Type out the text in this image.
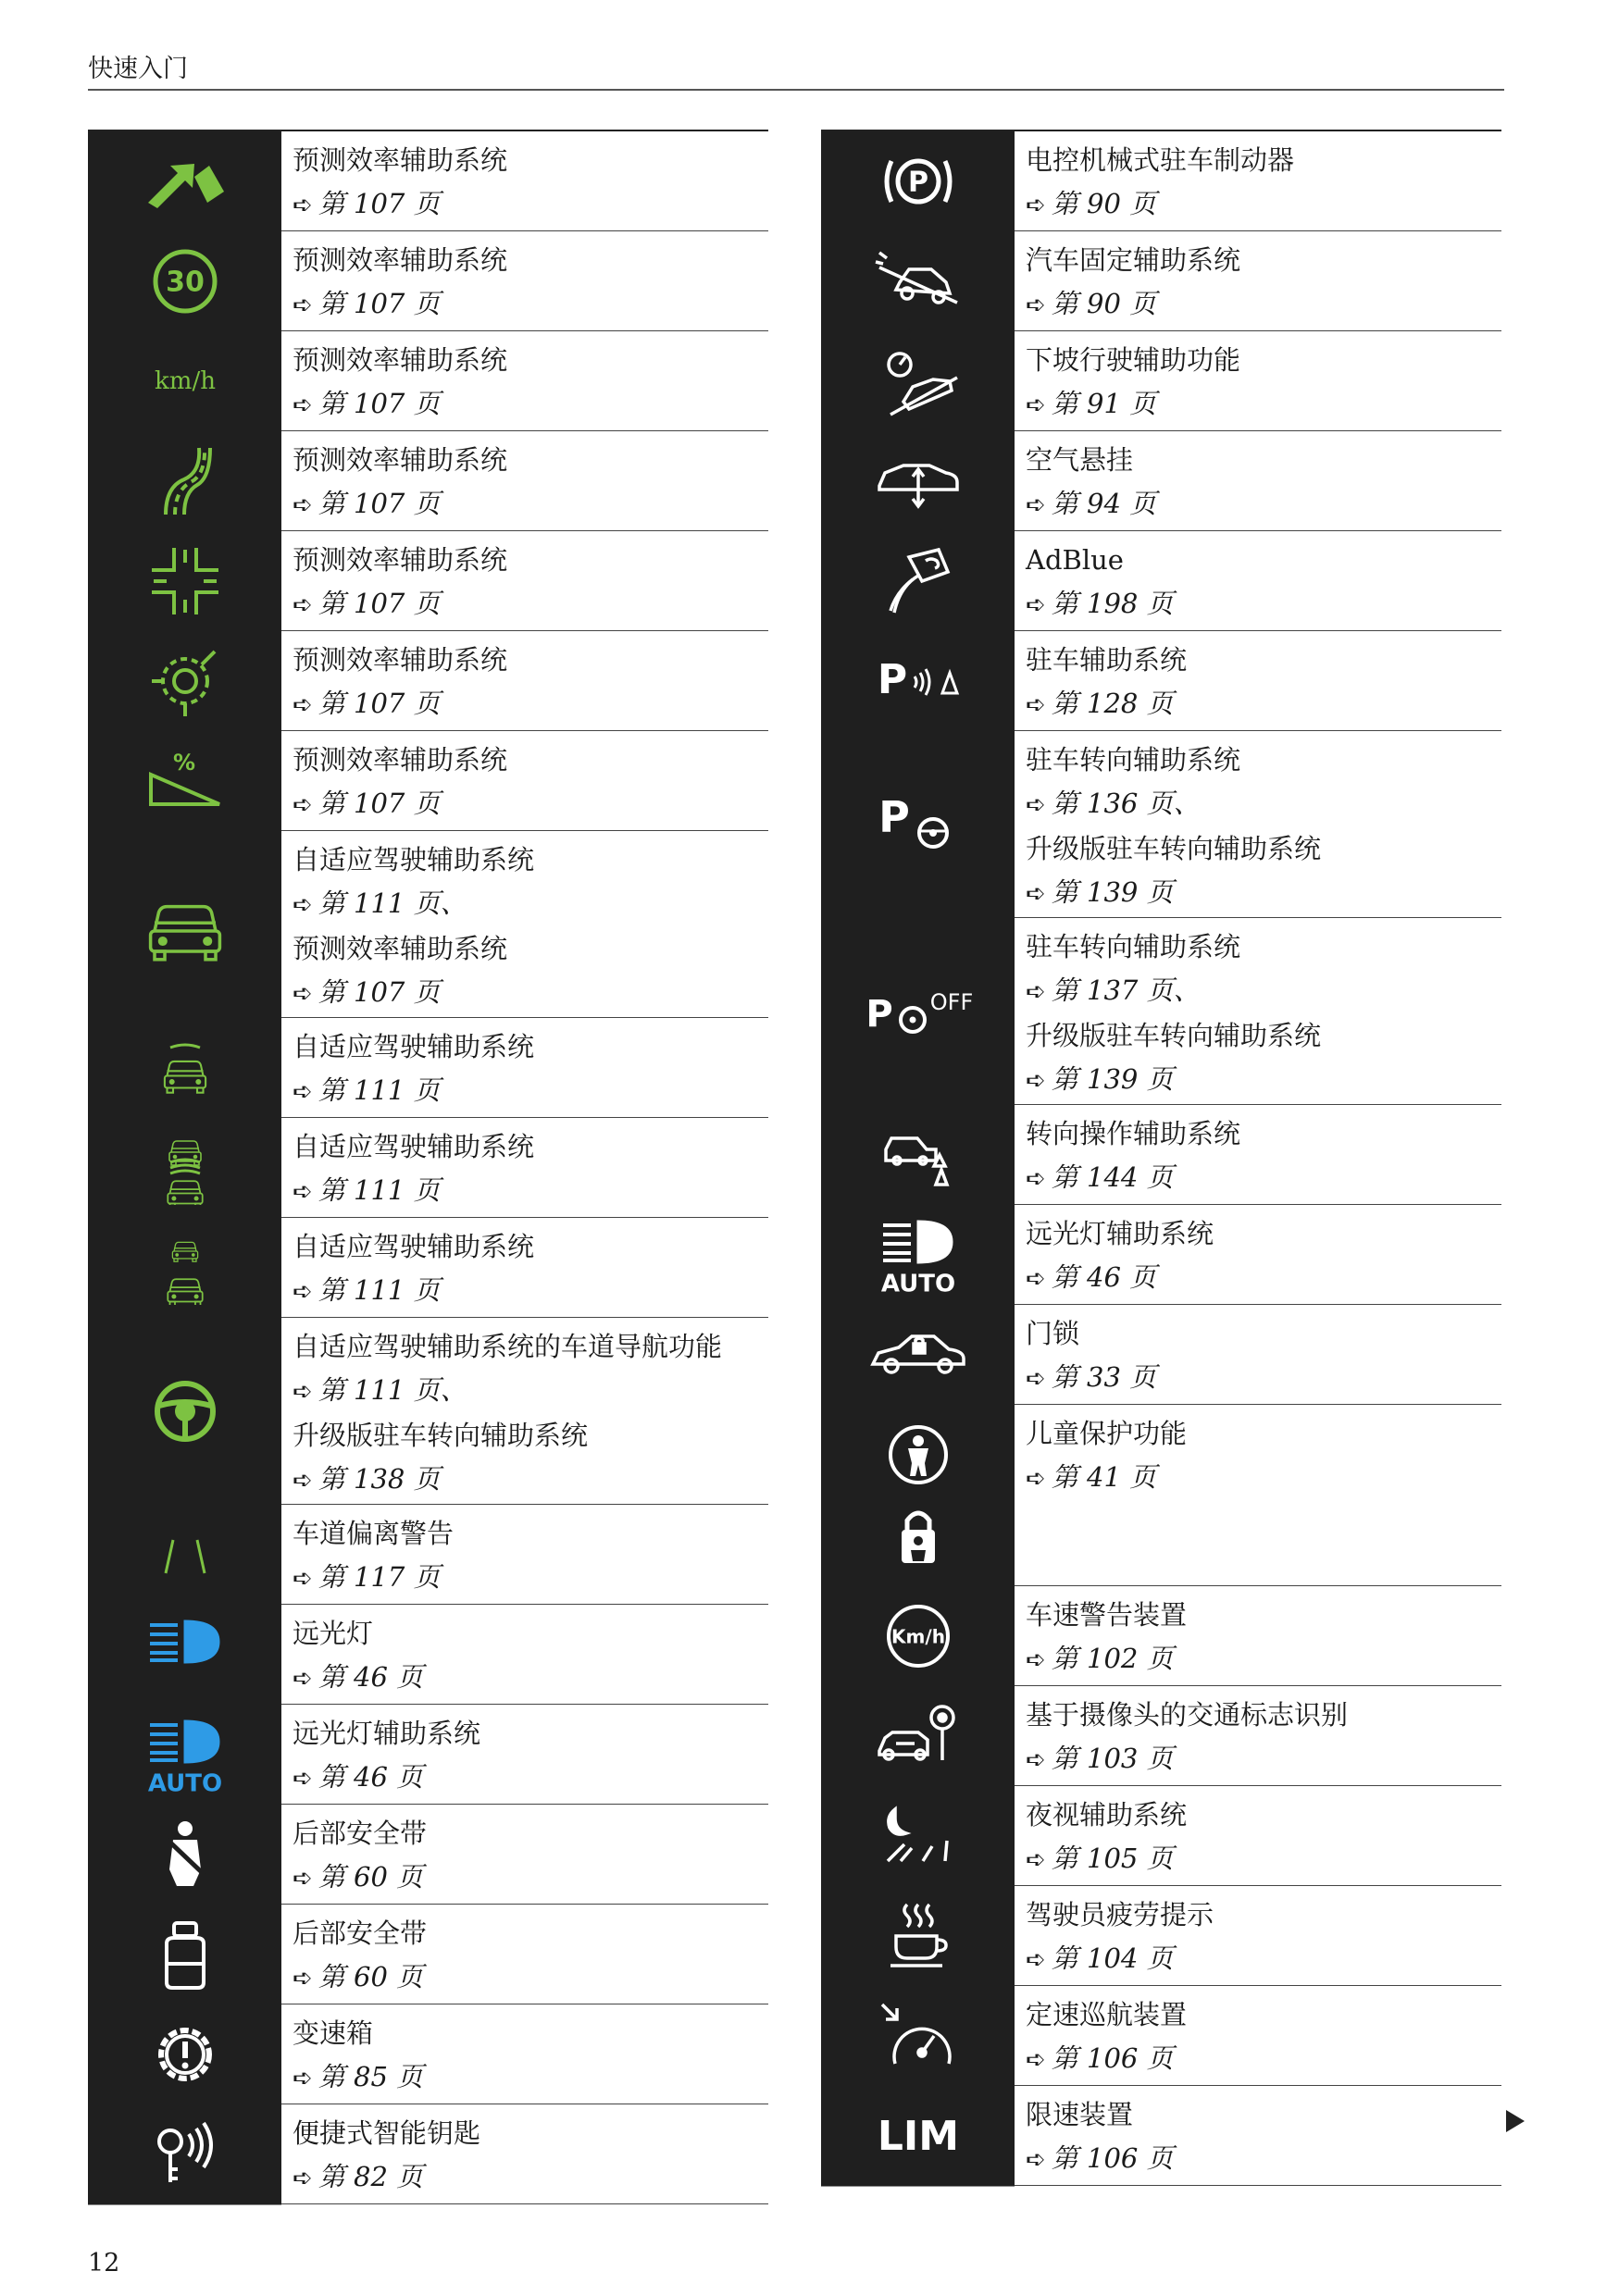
快速入门
预测效率辅助系统
➪ 第 107 页
30
预测效率辅助系统
➪ 第 107 页
km/h
预测效率辅助系统
➪ 第 107 页
预测效率辅助系统
➪ 第 107 页
预测效率辅助系统
➪ 第 107 页
预测效率辅助系统
➪ 第 107 页
%	预测效率辅助系统
➪ 第 107 页
自适应驾驶辅助系统
➪ 第 111 页、
预测效率辅助系统
➪ 第 107 页
自适应驾驶辅助系统
➪ 第 111 页
自适应驾驶辅助系统
➪ 第 111 页
自适应驾驶辅助系统
➪ 第 111 页
自适应驾驶辅助系统的车道导航功能
➪ 第 111 页、
升级版驻车转向辅助系统
➪ 第 138 页
车道偏离警告
➪ 第 117 页
远光灯
➪ 第 46 页
AUTO
远光灯辅助系统
➪ 第 46 页
后部安全带
➪ 第 60 页
后部安全带
➪ 第 60 页
变速箱
➪ 第 85 页
便捷式智能钥匙
➪ 第 82 页
P
电控机械式驻车制动器
➪ 第 90 页
汽车固定辅助系统
➪ 第 90 页
下坡行驶辅助功能
➪ 第 91 页
空气悬挂
➪ 第 94 页
AdBlue
➪ 第 198 页
P	驻车辅助系统
➪ 第 128 页
P
驻车转向辅助系统
➪ 第 136 页、
升级版驻车转向辅助系统
➪ 第 139 页
P OFF
驻车转向辅助系统
➪ 第 137 页、
升级版驻车转向辅助系统
➪ 第 139 页
转向操作辅助系统
➪ 第 144 页
AUTO
远光灯辅助系统
➪ 第 46 页
门锁
➪ 第 33 页
儿童保护功能
➪ 第 41 页
Km/h
车速警告装置
➪ 第 102 页
基于摄像头的交通标志识别
➪ 第 103 页
夜视辅助系统
➪ 第 105 页
驾驶员疲劳提示
➪ 第 104 页
定速巡航装置
➪ 第 106 页
LIM 限速装置
➪ 第 106 页
12
